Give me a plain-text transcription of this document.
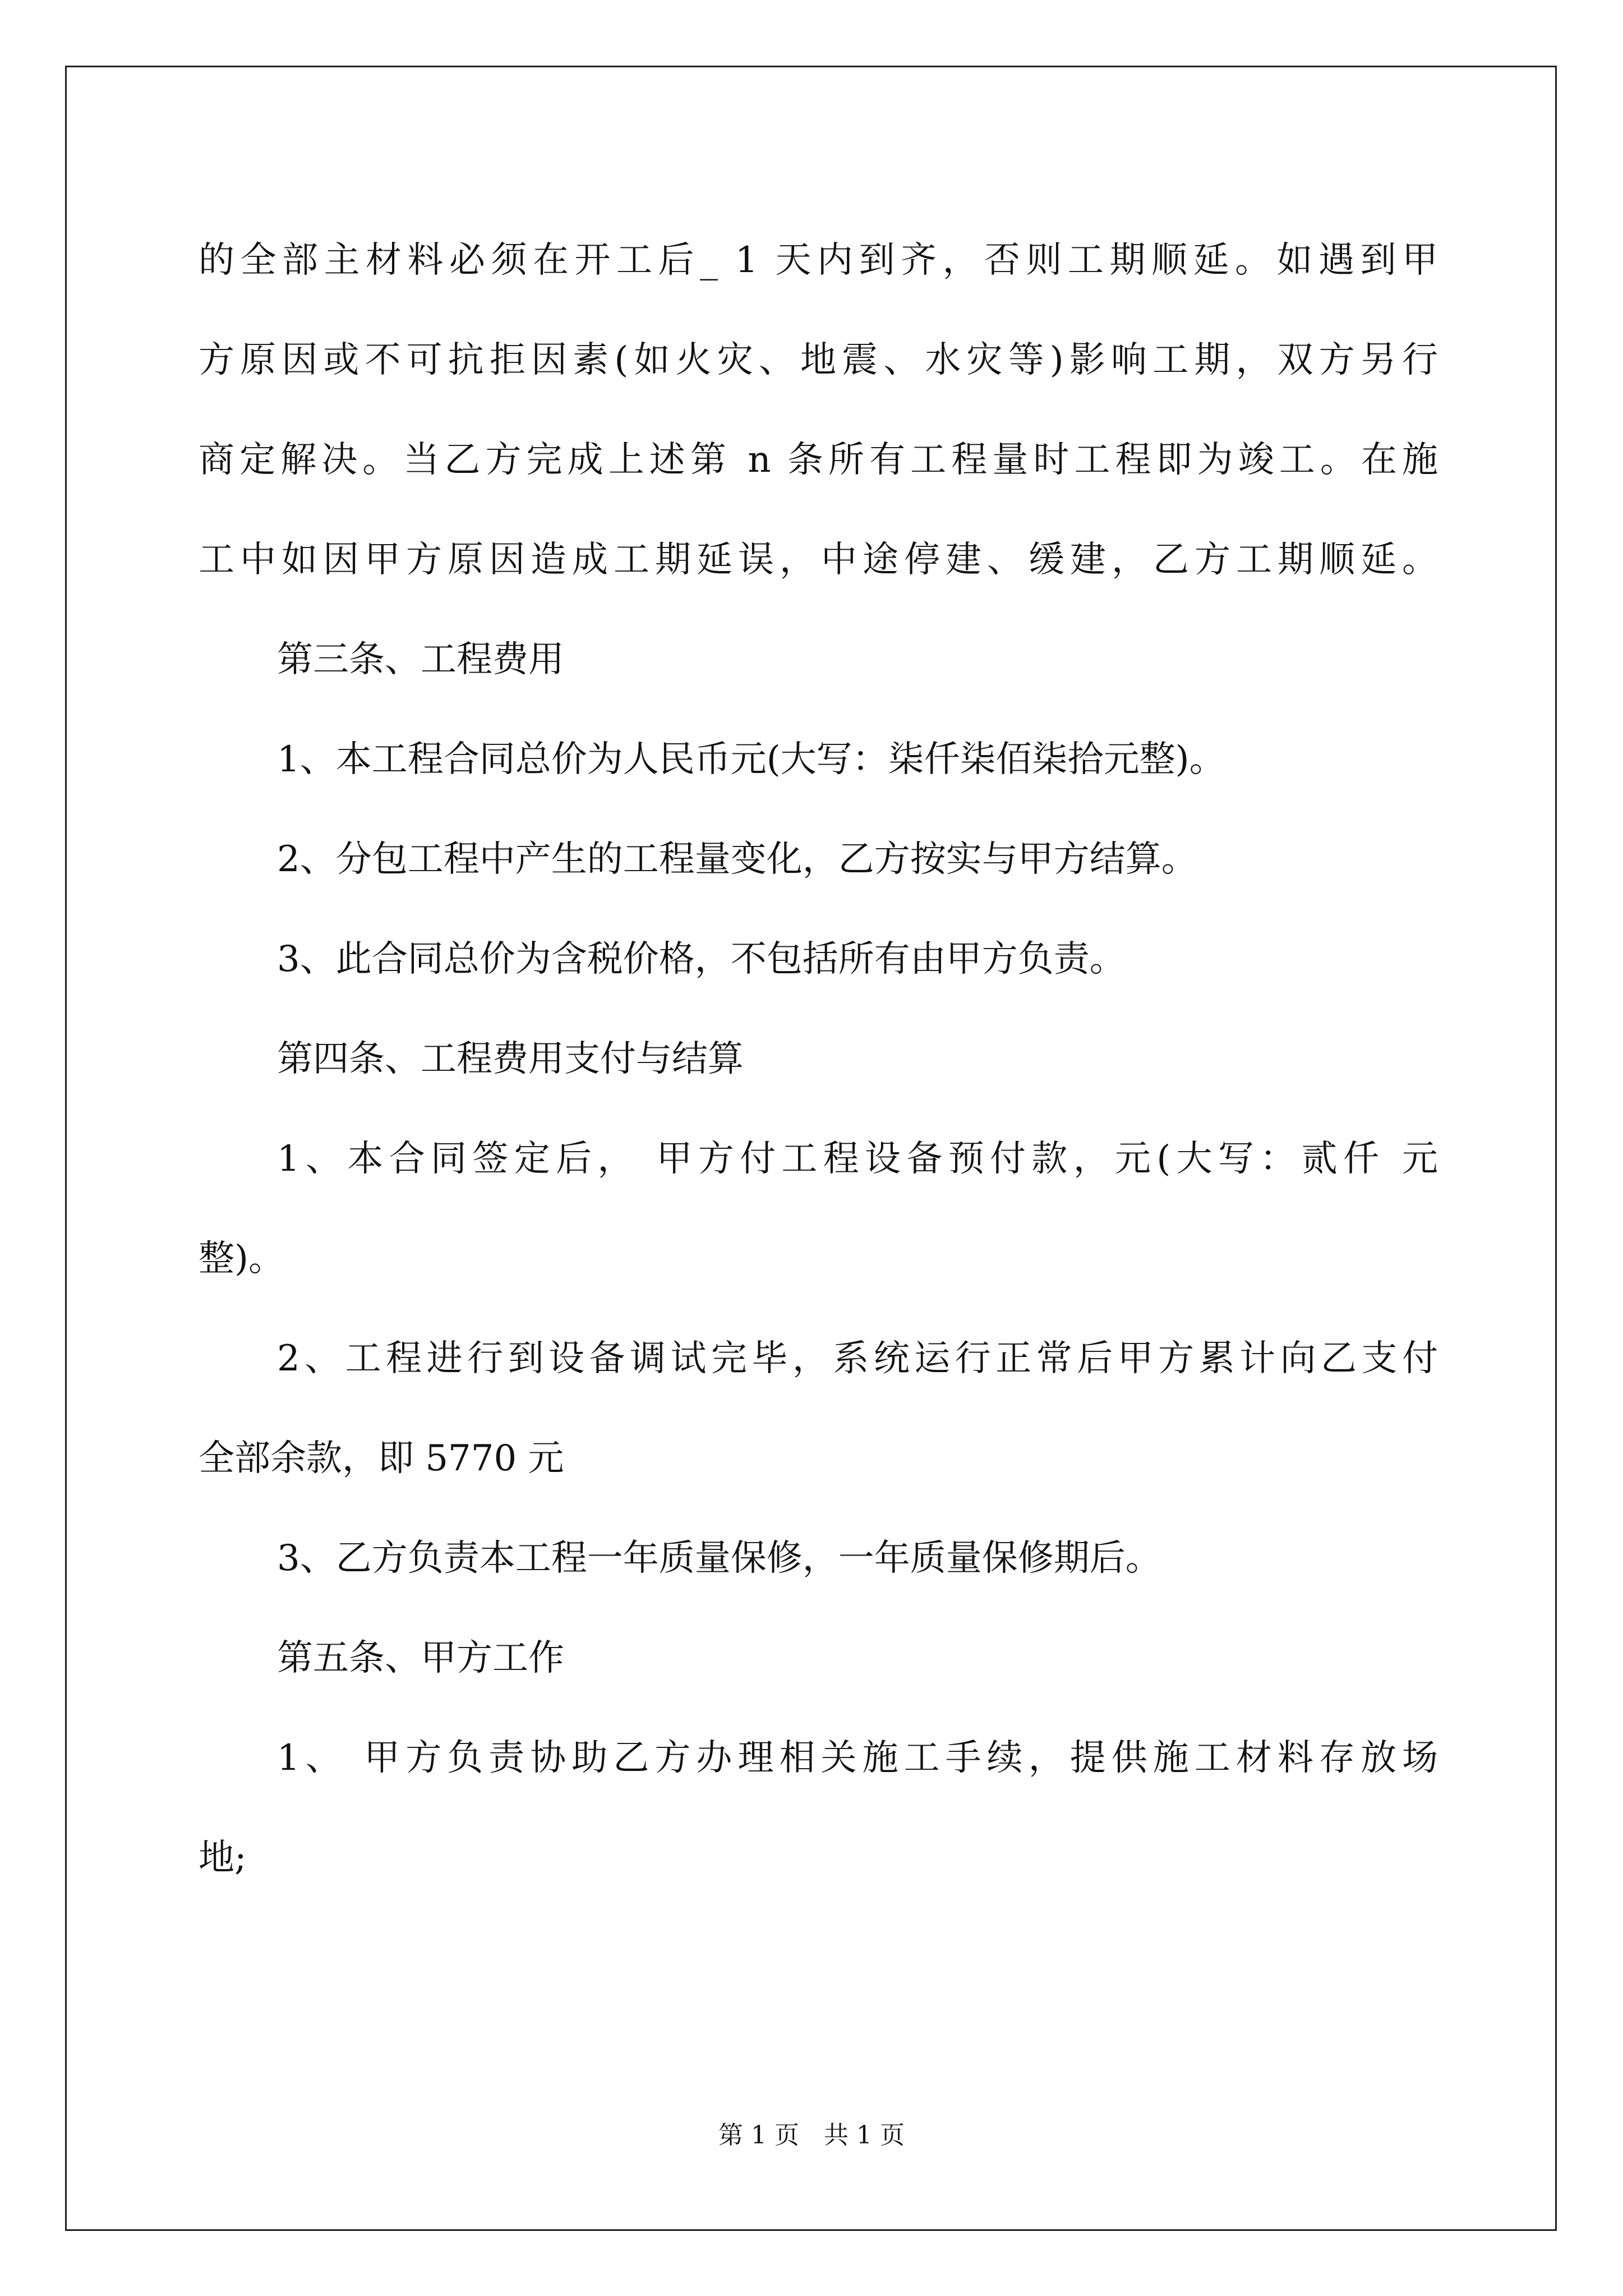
的全部主材料必须在开工后_ 1 天内到齐，否则工期顺延。如遇到甲

方原因或不可抗拒因素(如火灾、地震、水灾等)影响工期，双方另行

商定解决。当乙方完成上述第 n 条所有工程量时工程即为竣工。在施

工中如因甲方原因造成工期延误，中途停建、缓建，乙方工期顺延。

第三条、工程费用

1、本工程合同总价为人民币元(大写：柒仟柒佰柒拾元整)。

2、分包工程中产生的工程量变化，乙方按实与甲方结算。

3、此合同总价为含税价格，不包括所有由甲方负责。

第四条、工程费用支付与结算

1、本合同签定后， 甲方付工程设备预付款，元(大写：贰仟 元

整)。

2、工程进行到设备调试完毕，系统运行正常后甲方累计向乙支付

全部余款，即 5770 元

3、乙方负责本工程一年质量保修，一年质量保修期后。

第五条、甲方工作

1、 甲方负责协助乙方办理相关施工手续，提供施工材料存放场

地;

第 1 页　共 1 页
